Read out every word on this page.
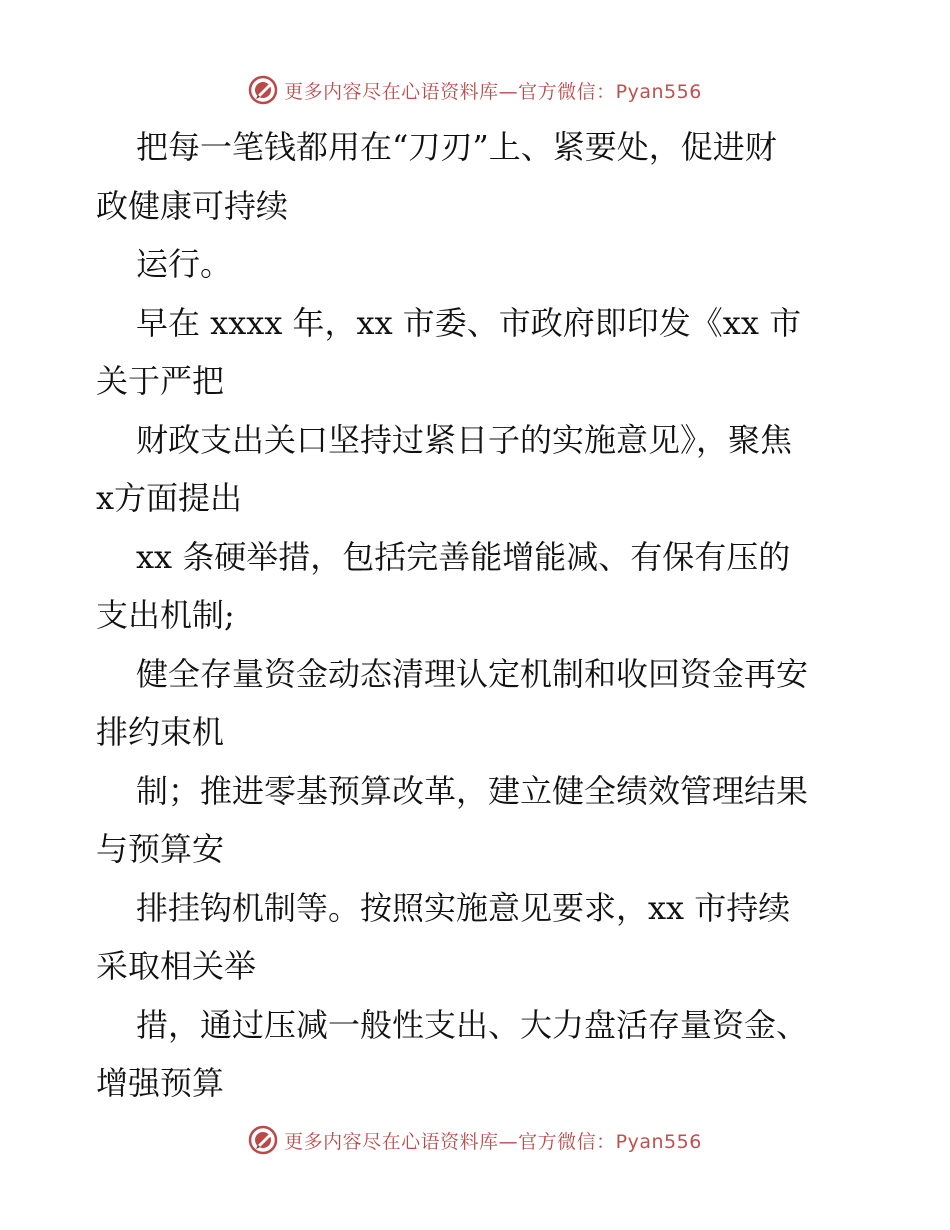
更多内容尽在心语资料库—官方微信：Pyan556
把每一笔钱都用在“刀刃”上、紧要处，促进财
政健康可持续
运行。
早在 xxxx 年，xx 市委、市政府即印发《xx 市
关于严把
财政支出关口坚持过紧日子的实施意见》，聚焦
x方面提出
xx 条硬举措，包括完善能增能减、有保有压的
支出机制;
健全存量资金动态清理认定机制和收回资金再安
排约束机
制；推进零基预算改革，建立健全绩效管理结果
与预算安
排挂钩机制等。按照实施意见要求，xx 市持续
采取相关举
措，通过压减一般性支出、大力盘活存量资金、
增强预算
更多内容尽在心语资料库—官方微信：Pyan556
